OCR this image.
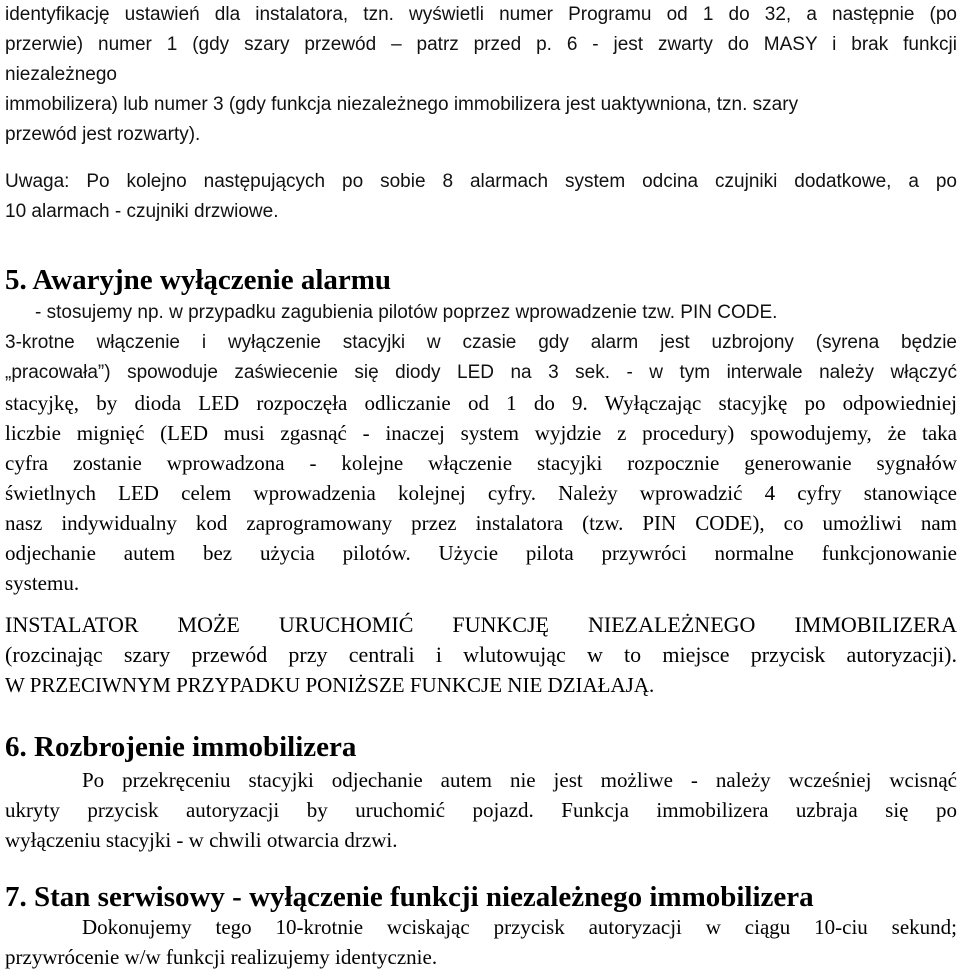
identyfikację ustawień dla instalatora, tzn. wyświetli numer Programu od 1 do 32, a następnie (po
przerwie) numer 1 (gdy szary przewód – patrz przed p. 6 - jest zwarty do MASY i brak funkcji
niezależnego
immobilizera) lub numer 3 (gdy funkcja niezależnego immobilizera jest uaktywniona, tzn. szary
przewód jest rozwarty).
Uwaga: Po kolejno następujących po sobie 8 alarmach system odcina czujniki dodatkowe, a po
10 alarmach - czujniki drzwiowe.
5. Awaryjne wyłączenie alarmu
- stosujemy np. w przypadku zagubienia pilotów poprzez wprowadzenie tzw. PIN CODE.
3-krotne włączenie i wyłączenie stacyjki w czasie gdy alarm jest uzbrojony (syrena będzie
„pracowała”) spowoduje zaświecenie się diody LED na 3 sek. - w tym interwale należy włączyć
stacyjkę, by dioda LED rozpoczęła odliczanie od 1 do 9. Wyłączając stacyjkę po odpowiedniej
liczbie mignięć (LED musi zgasnąć - inaczej system wyjdzie z procedury) spowodujemy, że taka
cyfra zostanie wprowadzona - kolejne włączenie stacyjki rozpocznie generowanie sygnałów
świetlnych LED celem wprowadzenia kolejnej cyfry. Należy wprowadzić 4 cyfry stanowiące
nasz indywidualny kod zaprogramowany przez instalatora (tzw. PIN CODE), co umożliwi nam
odjechanie autem bez użycia pilotów. Użycie pilota przywróci normalne funkcjonowanie
systemu.
INSTALATOR MOŻE URUCHOMIĆ FUNKCJĘ NIEZALEŻNEGO IMMOBILIZERA
(rozcinając szary przewód przy centrali i wlutowując w to miejsce przycisk autoryzacji).
W PRZECIWNYM PRZYPADKU PONIŻSZE FUNKCJE NIE DZIAŁAJĄ.
6. Rozbrojenie immobilizera
Po przekręceniu stacyjki odjechanie autem nie jest możliwe - należy wcześniej wcisnąć
ukryty przycisk autoryzacji by uruchomić pojazd. Funkcja immobilizera uzbraja się po
wyłączeniu stacyjki - w chwili otwarcia drzwi.
7. Stan serwisowy - wyłączenie funkcji niezależnego immobilizera
Dokonujemy tego 10-krotnie wciskając przycisk autoryzacji w ciągu 10-ciu sekund;
przywrócenie w/w funkcji realizujemy identycznie.
